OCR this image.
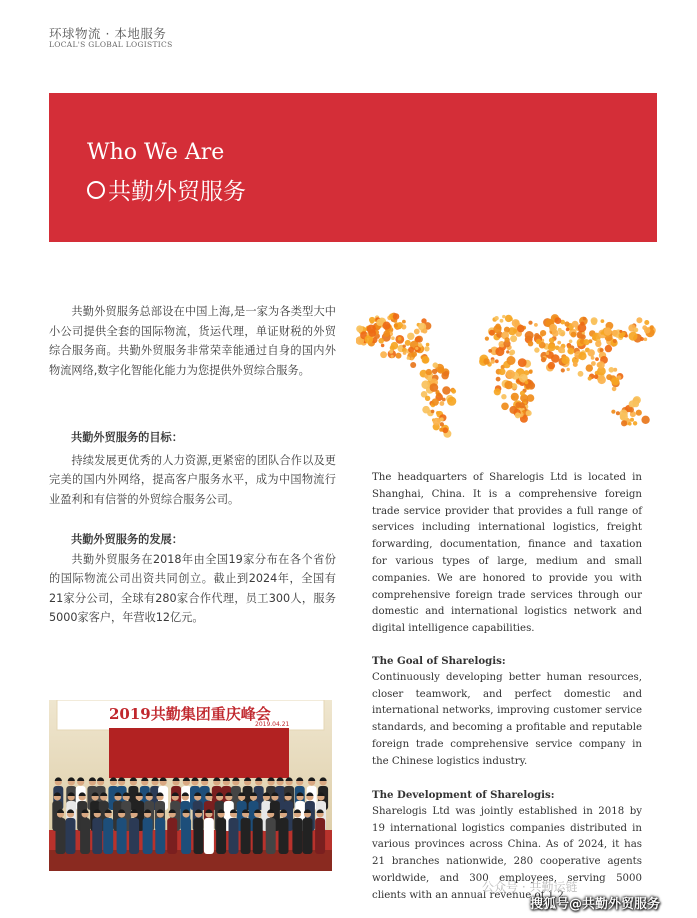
环球物流 · 本地服务
LOCAL'S GLOBAL LOGISTICS
Who We Are
共勤外贸服务

共勤外贸服务总部设在中国上海,是一家为各类型大中小公司提供全套的国际物流，货运代理，单证财税的外贸综合服务商。共勤外贸服务非常荣幸能通过自身的国内外物流网络,数字化智能化能力为您提供外贸综合服务。

共勤外贸服务的目标：

持续发展更优秀的人力资源,更紧密的团队合作以及更完美的国内外网络，提高客户服务水平，成为中国物流行业盈利和有信誉的外贸综合服务公司。

共勤外贸服务的发展：

共勤外贸服务在2018年由全国19家分布在各个省份的国际物流公司出资共同创立。截止到2024年，全国有21家分公司，全球有280家合作代理，员工300人，服务5000家客户，年营收12亿元。

The headquarters of Sharelogis Ltd is located in Shanghai, China. It is a comprehensive foreign trade service provider that provides a full range of services including international logistics, freight forwarding, documentation, finance and taxation for various types of large, medium and small companies. We are honored to provide you with comprehensive foreign trade services through our domestic and international logistics network and digital intelligence capabilities.

The Goal of Sharelogis:

Continuously developing better human resources, closer teamwork, and perfect domestic and international networks, improving customer service standards, and becoming a profitable and reputable foreign trade comprehensive service company in the Chinese logistics industry.

The Development of Sharelogis:

Sharelogis Ltd was jointly established in 2018 by 19 international logistics companies distributed in various provinces across China. As of 2024, it has 21 branches nationwide, 280 cooperative agents worldwide, and 300 employees, serving 5000 clients with an annual revenue of 1.2

2019共勤集团重庆峰会
2019.04.21
公众号 · 共勤运链
搜狐号@共勤外贸服务
